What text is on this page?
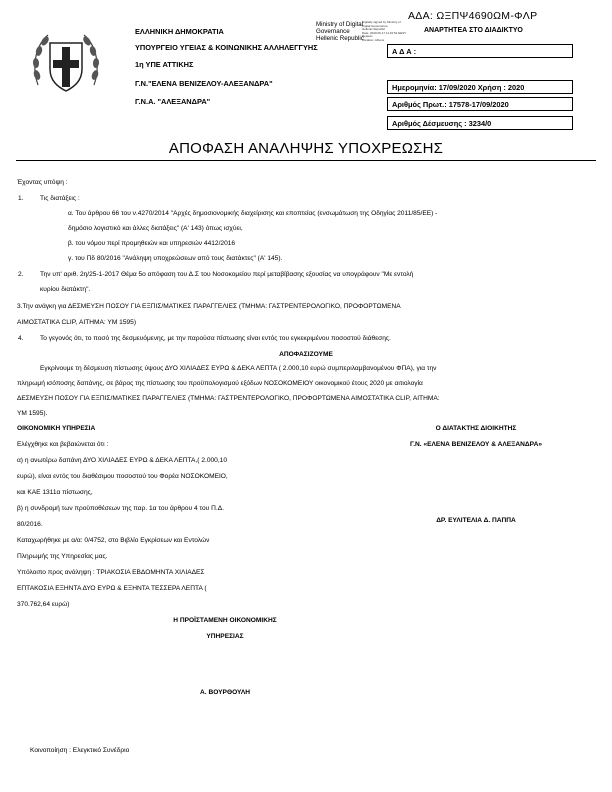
ΑΔΑ: ΩΞΠΨ4690ΩΜ-ΦΛΡ
ΕΛΛΗΝΙΚΗ ΔΗΜΟΚΡΑΤΙΑ
ΥΠΟΥΡΓΕΙΟ ΥΓΕΙΑΣ & ΚΟΙΝΩΝΙΚΗΣ ΑΛΛΗΛΕΓΓΥΗΣ
1η ΥΠΕ ΑΤΤΙΚΗΣ
Γ.Ν."ΕΛΕΝΑ ΒΕΝΙΖΕΛΟΥ-ΑΛΕΞΑΝΔΡΑ"
Γ.Ν.Α. "ΑΛΕΞΑΝΔΡΑ"
Ministry of Digital
Governance
Hellenic Republic
Digitally signed by Ministry of
Digital Governance
Hellenic Republic
Date: 2020.09.17 11:32:52 EEST
Reason:
Location: Athens
ΑΝΑΡΤΗΤΕΑ ΣΤΟ ΔΙΑΔΙΚΤΥΟ
Α Δ Α :
Ημερομηνία: 17/09/2020 Χρήση : 2020
Αριθμός Πρωτ.: 17578-17/09/2020
Αριθμός Δέσμευσης : 3234/0
ΑΠΟΦΑΣΗ ΑΝΑΛΗΨΗΣ ΥΠΟΧΡΕΩΣΗΣ
Έχοντας υπόψη :
1.	Τις διατάξεις :
α. Του άρθρου 66 του ν.4270/2014 "Αρχές δημοσιονομικής διαχείρισης και εποπτείας (ενσωμάτωση της Οδηγίας 2011/85/ΕΕ) -
δημόσιο λογιστικό και άλλες διατάξεις" (Α' 143) όπως ισχύει,
β. του νόμου περί προμηθειών και υπηρεσιών 4412/2016
γ. του Πδ 80/2016 "Ανάληψη υποχρεώσεων από τους διατάκτες" (Α' 145).
2.	Την υπ' αριθ. 2η/25-1-2017 Θέμα 5ο απόφαση του Δ.Σ του Νοσοκομείου περί μεταβίβασης εξουσίας να υπογράφουν "Με εντολή
κυρίου διατάκτη".
3.Την ανάγκη για ΔΕΣΜΕΥΣΗ ΠΟΣΟΥ ΓΙΑ ΕΞΠΙΣ/ΜΑΤΙΚΕΣ ΠΑΡΑΓΓΕΛΙΕΣ (ΤΜΗΜΑ: ΓΑΣΤΡΕΝΤΕΡΟΛΟΓΙΚΟ, ΠΡΟΦΟΡΤΩΜΕΝΑ
ΑΙΜΟΣΤΑΤΙΚΑ CLIP, ΑΙΤΗΜΑ: ΥΜ 1595)
4.	Το γεγονός ότι, το ποσό της δεσμευόμενης, με την παρούσα πίστωσης είναι εντός του εγκεκριμένου ποσοστού διάθεσης.
ΑΠΟΦΑΣΙΖΟΥΜΕ
Εγκρίνουμε τη δέσμευση πίστωσης ύψους ΔΥΟ ΧΙΛΙΑΔΕΣ ΕΥΡΩ & ΔΕΚΑ ΛΕΠΤΑ ( 2.000,10 ευρώ συμπεριλαμβανομένου ΦΠΑ), για την
πληρωμή ισόποσης δαπάνης, σε βάρος της πίστωσης του προϋπολογισμού εξόδων ΝΟΣΟΚΟΜΕΙΟΥ οικονομικού έτους 2020 με αιτιολογία
ΔΕΣΜΕΥΣΗ ΠΟΣΟΥ ΓΙΑ ΕΞΠΙΣ/ΜΑΤΙΚΕΣ ΠΑΡΑΓΓΕΛΙΕΣ (ΤΜΗΜΑ: ΓΑΣΤΡΕΝΤΕΡΟΛΟΓΙΚΟ, ΠΡΟΦΟΡΤΩΜΕΝΑ ΑΙΜΟΣΤΑΤΙΚΑ CLIP, ΑΙΤΗΜΑ:
ΥΜ 1595).
ΟΙΚΟΝΟΜΙΚΗ ΥΠΗΡΕΣΙΑ
Ελέγχθηκε και βεβαιώνεται ότι :
α) η ανωτέρω δαπάνη ΔΥΟ ΧΙΛΙΑΔΕΣ ΕΥΡΩ & ΔΕΚΑ ΛΕΠΤΑ,( 2.000,10
ευρώ), είναι εντός του διαθέσιμου ποσοστού του Φορέα ΝΟΣΟΚΟΜΕΙΟ,
και ΚΑΕ 1311α πίστωσης,
β) η συνδρομή των προϋποθέσεων της παρ. 1α του άρθρου 4 του Π.Δ.
80/2016.
Καταχωρήθηκε με α/α: 0/4752, στο Βιβλίο Εγκρίσεων και Εντολών
Πληρωμής της Υπηρεσίας μας.
Υπόλοιπο προς ανάληψη : ΤΡΙΑΚΟΣΙΑ ΕΒΔΟΜΗΝΤΑ ΧΙΛΙΑΔΕΣ
ΕΠΤΑΚΟΣΙΑ ΕΞΗΝΤΑ ΔΥΟ ΕΥΡΩ & ΕΞΗΝΤΑ ΤΕΣΣΕΡΑ ΛΕΠΤΑ (
370.762,64 ευρώ)
Η ΠΡΟΪΣΤΑΜΕΝΗ ΟΙΚΟΝΟΜΙΚΗΣ
ΥΠΗΡΕΣΙΑΣ
Α. ΒΟΥΡΘΟΥΛΗ
Ο ΔΙΑΤΑΚΤΗΣ ΔΙΟΙΚΗΤΗΣ
Γ.Ν. «ΕΛΕΝΑ ΒΕΝΙΖΕΛΟΥ & ΑΛΕΞΑΝΔΡΑ»
ΔΡ. ΕΥΛΙΤΕΛΙΑ Δ. ΠΑΠΠΑ
Κοινοποίηση : Ελεγκτικό Συνέδριο
